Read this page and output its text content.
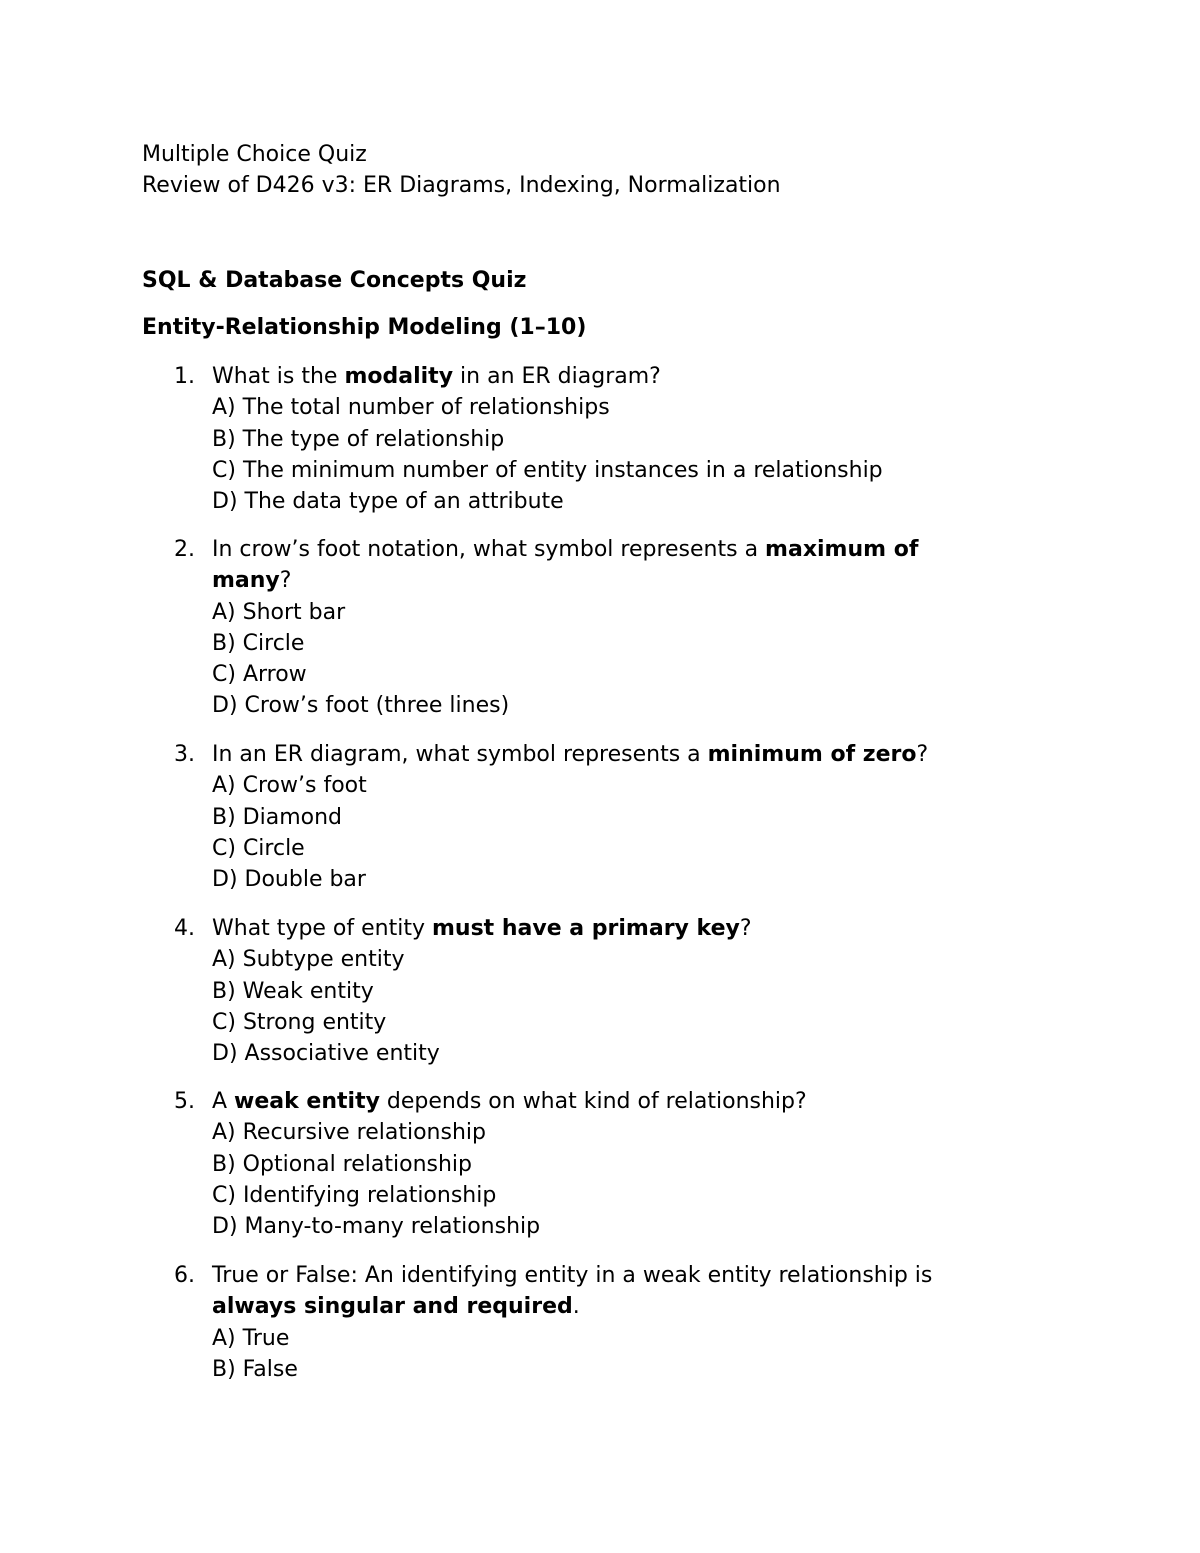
Multiple Choice Quiz
Review of D426 v3: ER Diagrams, Indexing, Normalization
SQL & Database Concepts Quiz
Entity-Relationship Modeling (1–10)
1. What is the modality in an ER diagram?
A) The total number of relationships
B) The type of relationship
C) The minimum number of entity instances in a relationship
D) The data type of an attribute
2. In crow’s foot notation, what symbol represents a maximum of
many?
A) Short bar
B) Circle
C) Arrow
D) Crow’s foot (three lines)
3. In an ER diagram, what symbol represents a minimum of zero?
A) Crow’s foot
B) Diamond
C) Circle
D) Double bar
4. What type of entity must have a primary key?
A) Subtype entity
B) Weak entity
C) Strong entity
D) Associative entity
5. A weak entity depends on what kind of relationship?
A) Recursive relationship
B) Optional relationship
C) Identifying relationship
D) Many-to-many relationship
6. True or False: An identifying entity in a weak entity relationship is
always singular and required.
A) True
B) False
